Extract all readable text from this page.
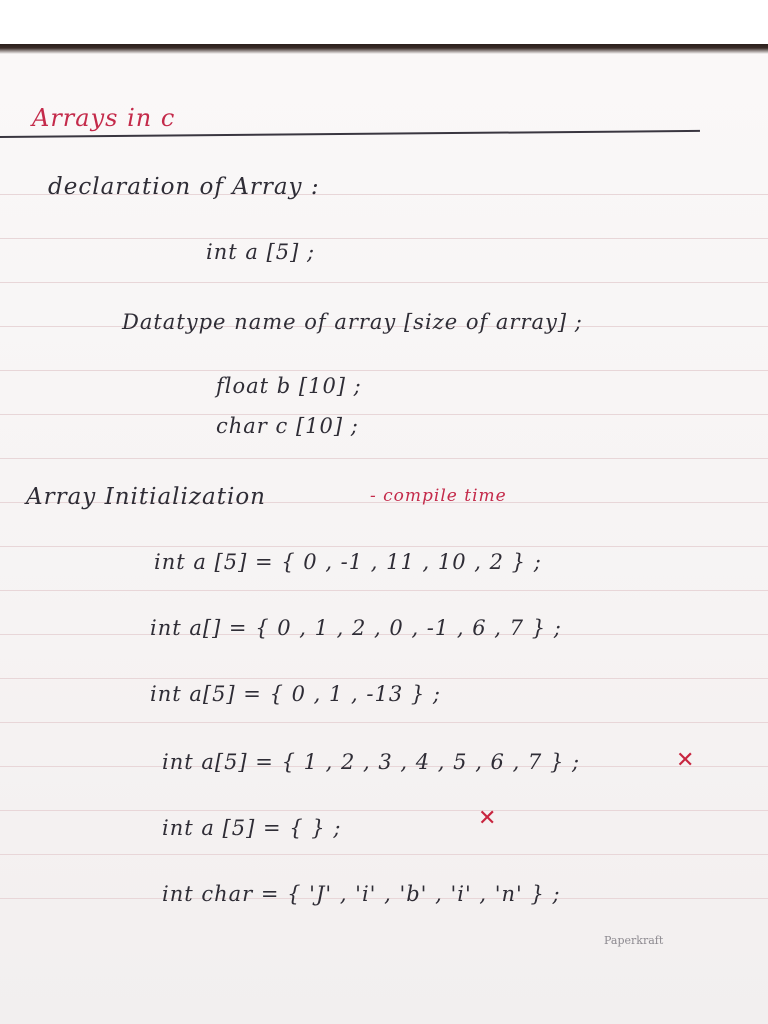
Arrays in c
declaration of Array :
int a [5] ;
Datatype name of array [size of array] ;
float b [10] ;
char c [10] ;
Array Initialization	- compile time
int a [5] = { 0 , -1 , 11 , 10 , 2 } ;
int a[] = { 0 , 1 , 2 , 0 , -1 , 6 , 7 } ;
int a[5] = { 0 , 1 , -13 } ;
int a[5] = { 1 , 2 , 3 , 4 , 5 , 6 , 7 } ;	✕
int a [5] = { } ;	✕
int char = { 'J' , 'i' , 'b' , 'i' , 'n' } ;
Paperkraft
